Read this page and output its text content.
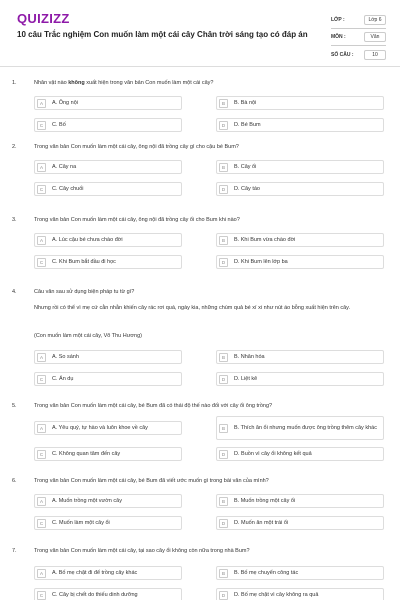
QUIZIZZ
10 câu Trắc nghiệm Con muốn làm một cái cây Chân trời sáng tạo có đáp án
LỚP :	Lớp 6
MÔN :	Văn
SỐ CÂU :	10
1.	Nhân vật nào không xuất hiện trong văn bản Con muốn làm một cái cây?
A	A. Ông nội	B	B. Bà nội
C	C. Bố	D	D. Bé Bum
2.	Trong văn bản Con muốn làm một cái cây, ông nội đã trồng cây gì cho cậu bé Bum?
A	A. Cây na	B	B. Cây ổi
C	C. Cây chuối	D	D. Cây táo
3.	Trong văn bản Con muốn làm một cái cây, ông nội đã trồng cây ổi cho Bum khi nào?
A	A. Lúc cậu bé chưa chào đời	B	B. Khi Bum vừa chào đời
C	C. Khi Bum bắt đầu đi học	D	D. Khi Bum lên lớp ba
4.	Câu văn sau sử dụng biện pháp tu từ gì?
Nhưng rồi có thể vì mẹ cứ cằn nhằn khiến cây rác rơi quá, ngày kia, những chùm quả bé xí xi như nút áo bỗng xuất hiện trên cây.
(Con muốn làm một cái cây, Võ Thu Hương)
A	A. So sánh	B	B. Nhân hóa
C	C. Ẩn dụ	D	D. Liệt kê
5.	Trong văn bản Con muốn làm một cái cây, bé Bum đã có thái độ thế nào đối với cây ổi ông trồng?
A	A. Yêu quý, tự hào và luôn khoe về cây	B	B. Thích ăn ổi nhưng muốn được ông trồng thêm cây khác
C	C. Không quan tâm đến cây	D	D. Buồn vì cây ổi không kết quả
6.	Trong văn bản Con muốn làm một cái cây, bé Bum đã viết ước muốn gì trong bài văn của mình?
A	A. Muốn trồng một vườn cây	B	B. Muốn trồng một cây ổi
C	C. Muốn làm một cây ổi	D	D. Muốn ăn một trái ổi
7.	Trong văn bản Con muốn làm một cái cây, tại sao cây ổi không còn nữa trong nhà Bum?
A	A. Bố mẹ chặt đi để trồng cây khác	B	B. Bố mẹ chuyển công tác
C	C. Cây bị chết do thiếu dinh dưỡng	D	D. Bố mẹ chặt vì cây không ra quả
